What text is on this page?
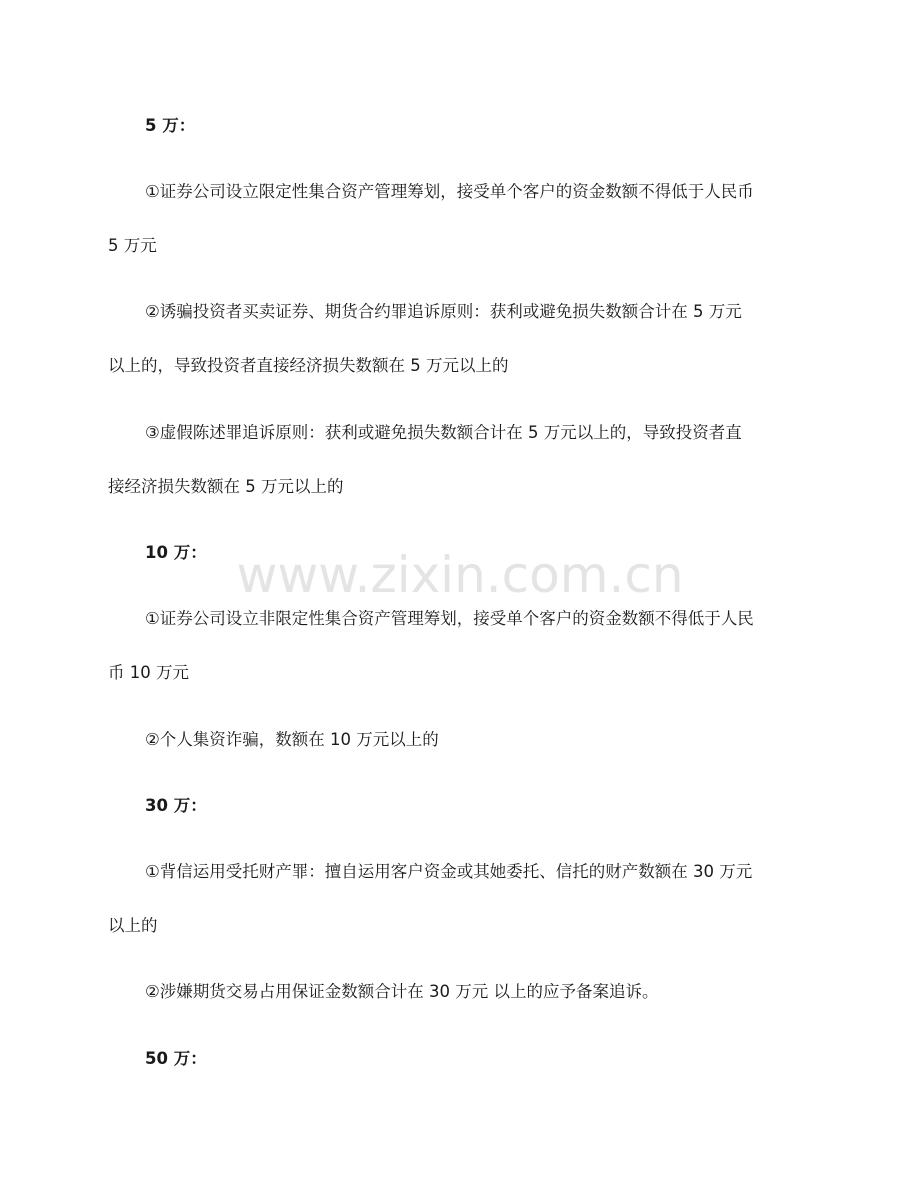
www.zixin.com.cn
5 万：
①证券公司设立限定性集合资产管理筹划，接受单个客户的资金数额不得低于人民币
5 万元
②诱骗投资者买卖证券、期货合约罪追诉原则：获利或避免损失数额合计在 5 万元
以上的，导致投资者直接经济损失数额在 5 万元以上的
③虚假陈述罪追诉原则：获利或避免损失数额合计在 5 万元以上的，导致投资者直
接经济损失数额在 5 万元以上的
10 万：
①证券公司设立非限定性集合资产管理筹划，接受单个客户的资金数额不得低于人民
币 10 万元
②个人集资诈骗，数额在 10 万元以上的
30 万：
①背信运用受托财产罪：擅自运用客户资金或其她委托、信托的财产数额在 30 万元
以上的
②涉嫌期货交易占用保证金数额合计在 30 万元 以上的应予备案追诉。
50 万：
